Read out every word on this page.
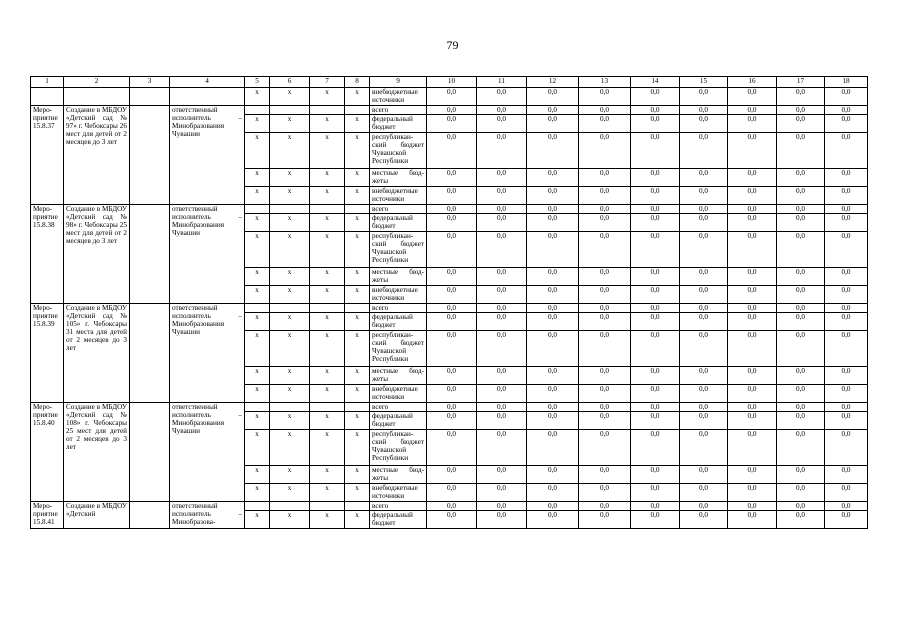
79
1	2	3	4	5	6	7	8	9	10	11	12	13	14	15	16	17	18
				x	x	x	x	внебюджетные источники	0,0	0,0	0,0	0,0	0,0	0,0	0,0	0,0	0,0
Меро-приятие 15.8.37	Создание в МБДОУ «Детский сад № 97» г. Чебоксары 26 мест для детей от 2 месяцев до 3 лет		ответственный исполнитель – Минобразования Чувашии					всего	0,0	0,0	0,0	0,0	0,0	0,0	0,0	0,0	0,0
				x	x	x	x	федеральный бюджет	0,0	0,0	0,0	0,0	0,0	0,0	0,0	0,0	0,0
				x	x	x	x	республикан-ский бюджет Чувашской Республики	0,0	0,0	0,0	0,0	0,0	0,0	0,0	0,0	0,0
				x	x	x	x	местные бюд-жеты	0,0	0,0	0,0	0,0	0,0	0,0	0,0	0,0	0,0
				x	x	x	x	внебюджетные источники	0,0	0,0	0,0	0,0	0,0	0,0	0,0	0,0	0,0
Меро-приятие 15.8.38	Создание в МБДОУ «Детский сад № 98» г. Чебоксары 25 мест для детей от 2 месяцев до 3 лет		ответственный исполнитель – Минобразования Чувашии					всего	0,0	0,0	0,0	0,0	0,0	0,0	0,0	0,0	0,0
				x	x	x	x	федеральный бюджет	0,0	0,0	0,0	0,0	0,0	0,0	0,0	0,0	0,0
				x	x	x	x	республикан-ский бюджет Чувашской Республики	0,0	0,0	0,0	0,0	0,0	0,0	0,0	0,0	0,0
				x	x	x	x	местные бюд-жеты	0,0	0,0	0,0	0,0	0,0	0,0	0,0	0,0	0,0
				x	x	x	x	внебюджетные источники	0,0	0,0	0,0	0,0	0,0	0,0	0,0	0,0	0,0
Меро-приятие 15.8.39	Создание в МБДОУ «Детский сад № 105» г. Чебоксары 31 места для детей от 2 месяцев до 3 лет		ответственный исполнитель – Минобразования Чувашии					всего	0,0	0,0	0,0	0,0	0,0	0,0	0,0	0,0	0,0
				x	x	x	x	федеральный бюджет	0,0	0,0	0,0	0,0	0,0	0,0	0,0	0,0	0,0
				x	x	x	x	республикан-ский бюджет Чувашской Республики	0,0	0,0	0,0	0,0	0,0	0,0	0,0	0,0	0,0
				x	x	x	x	местные бюд-жеты	0,0	0,0	0,0	0,0	0,0	0,0	0,0	0,0	0,0
				x	x	x	x	внебюджетные источники	0,0	0,0	0,0	0,0	0,0	0,0	0,0	0,0	0,0
Меро-приятие 15.8.40	Создание в МБДОУ «Детский сад № 108» г. Чебоксары 25 мест для детей от 2 месяцев до 3 лет		ответственный исполнитель – Минобразования Чувашии					всего	0,0	0,0	0,0	0,0	0,0	0,0	0,0	0,0	0,0
				x	x	x	x	федеральный бюджет	0,0	0,0	0,0	0,0	0,0	0,0	0,0	0,0	0,0
				x	x	x	x	республикан-ский бюджет Чувашской Республики	0,0	0,0	0,0	0,0	0,0	0,0	0,0	0,0	0,0
				x	x	x	x	местные бюд-жеты	0,0	0,0	0,0	0,0	0,0	0,0	0,0	0,0	0,0
				x	x	x	x	внебюджетные источники	0,0	0,0	0,0	0,0	0,0	0,0	0,0	0,0	0,0
Меро-приятие 15.8.41	Создание в МБДОУ «Детский		ответственный исполнитель – Минобразова-					всего	0,0	0,0	0,0	0,0	0,0	0,0	0,0	0,0	0,0
				x	x	x	x	федеральный бюджет	0,0	0,0	0,0	0,0	0,0	0,0	0,0	0,0	0,0
